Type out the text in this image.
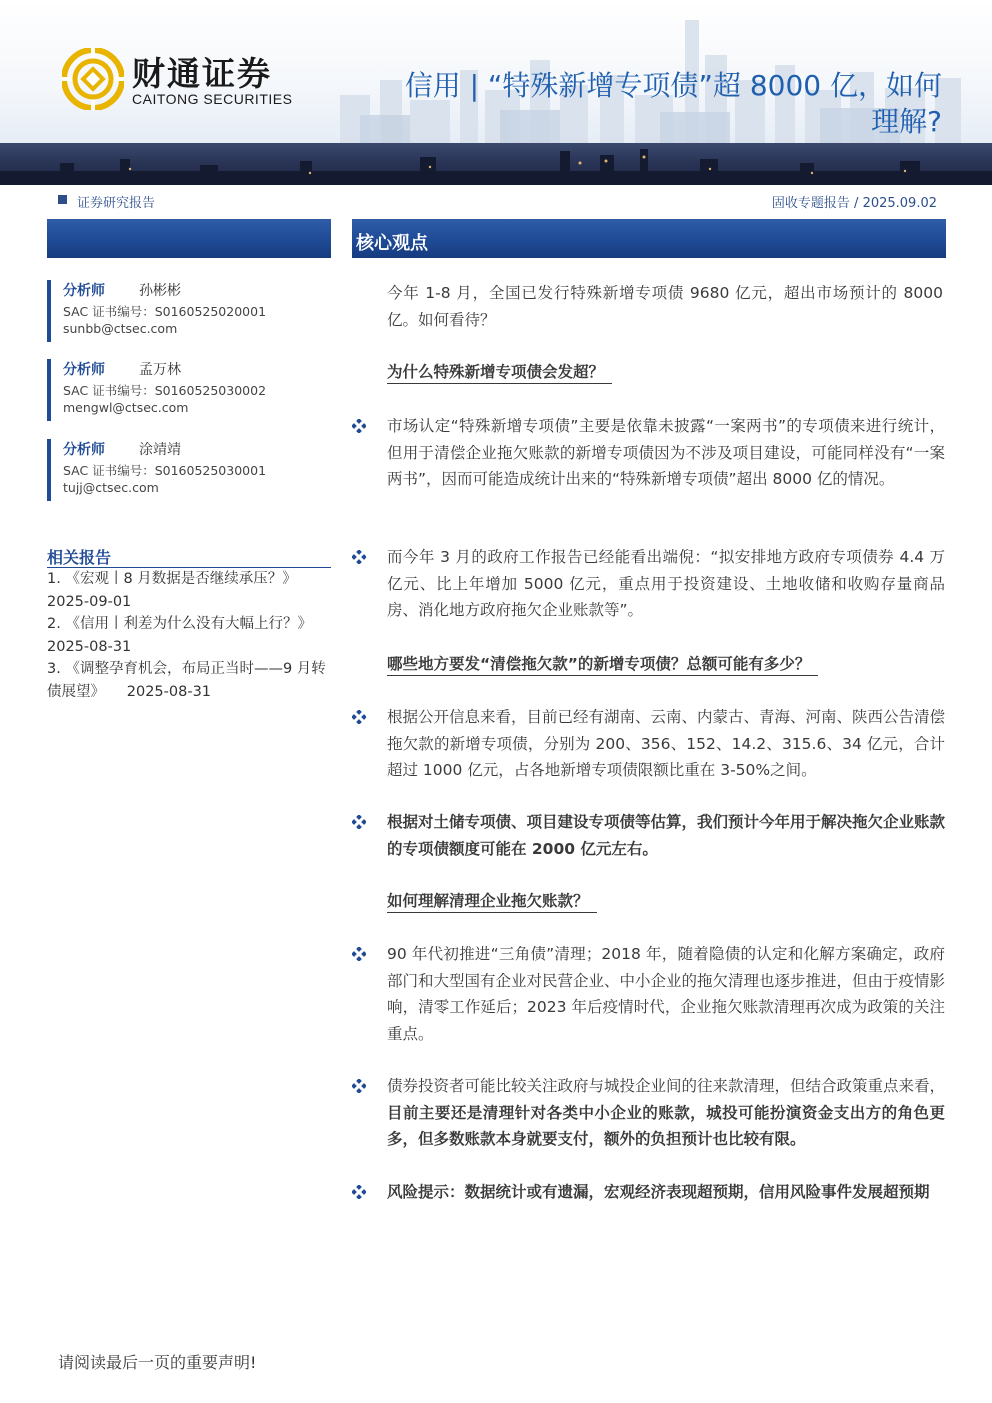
财通证券
CAITONG SECURITIES	信用 | “特殊新增专项债”超 8000 亿，如何
理解?
证券研究报告	固收专题报告 / 2025.09.02
核心观点
分析师 孙彬彬
SAC 证书编号：S0160525020001
sunbb@ctsec.com
分析师 孟万林
SAC 证书编号：S0160525030002
mengwl@ctsec.com
分析师 涂靖靖
SAC 证书编号：S0160525030001
tujj@ctsec.com
相关报告
1. 《宏观丨8 月数据是否继续承压？》
2025-09-01
2. 《信用丨利差为什么没有大幅上行？》
2025-08-31
3. 《调整孕育机会，布局正当时——9 月转
债展望》　　2025-08-31
今年 1-8 月，全国已发行特殊新增专项债 9680 亿元，超出市场预计的 8000 亿。如何看待？
为什么特殊新增专项债会发超？
市场认定“特殊新增专项债”主要是依靠未披露“一案两书”的专项债来进行统计，但用于清偿企业拖欠账款的新增专项债因为不涉及项目建设，可能同样没有“一案两书”，因而可能造成统计出来的“特殊新增专项债”超出 8000 亿的情况。
而今年 3 月的政府工作报告已经能看出端倪：“拟安排地方政府专项债券 4.4 万亿元、比上年增加 5000 亿元，重点用于投资建设、土地收储和收购存量商品房、消化地方政府拖欠企业账款等”。
哪些地方要发“清偿拖欠款”的新增专项债？总额可能有多少？
根据公开信息来看，目前已经有湖南、云南、内蒙古、青海、河南、陕西公告清偿拖欠款的新增专项债，分别为 200、356、152、14.2、315.6、34 亿元，合计超过 1000 亿元，占各地新增专项债限额比重在 3-50%之间。
根据对土储专项债、项目建设专项债等估算，我们预计今年用于解决拖欠企业账款的专项债额度可能在 2000 亿元左右。
如何理解清理企业拖欠账款？
90 年代初推进“三角债”清理；2018 年，随着隐债的认定和化解方案确定，政府部门和大型国有企业对民营企业、中小企业的拖欠清理也逐步推进，但由于疫情影响，清零工作延后；2023 年后疫情时代，企业拖欠账款清理再次成为政策的关注重点。
债券投资者可能比较关注政府与城投企业间的往来款清理，但结合政策重点来看，目前主要还是清理针对各类中小企业的账款，城投可能扮演资金支出方的角色更多，但多数账款本身就要支付，额外的负担预计也比较有限。
风险提示：数据统计或有遗漏，宏观经济表现超预期，信用风险事件发展超预期
请阅读最后一页的重要声明!
